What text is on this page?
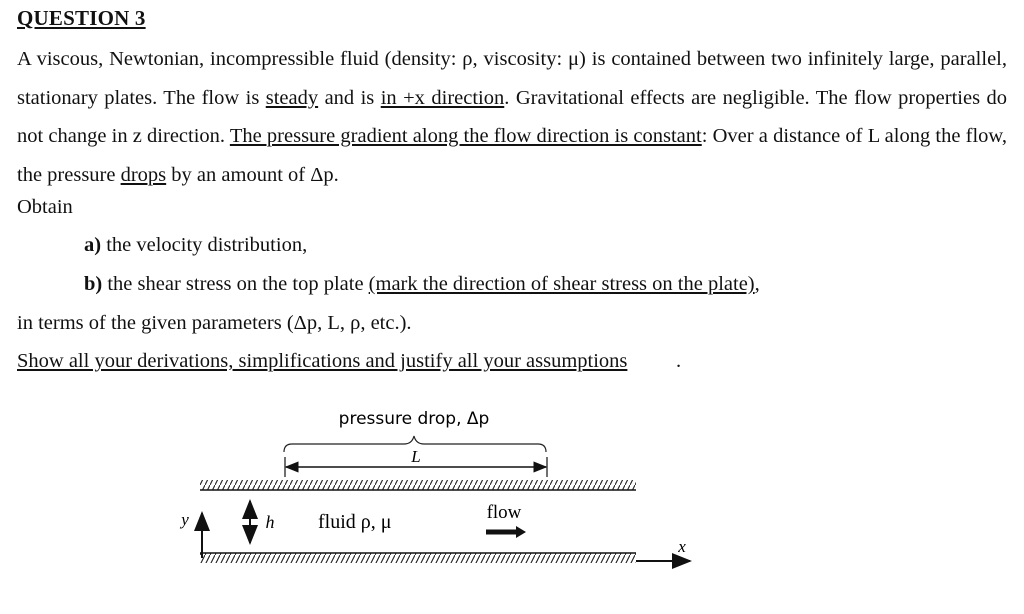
QUESTION 3
A viscous, Newtonian, incompressible fluid (density: ρ, viscosity: μ) is contained between two infinitely large, parallel, stationary plates. The flow is steady and is in +x direction. Gravitational effects are negligible. The flow properties do not change in z direction. The pressure gradient along the flow direction is constant: Over a distance of L along the flow, the pressure drops by an amount of Δp.
Obtain
a) the velocity distribution,
b) the shear stress on the top plate (mark the direction of shear stress on the plate),
in terms of the given parameters (Δp, L, ρ, etc.).
Show all your derivations, simplifications and justify all your assumptions .
pressure drop, Δp
L
y
x
h fluid ρ, μ	flow
